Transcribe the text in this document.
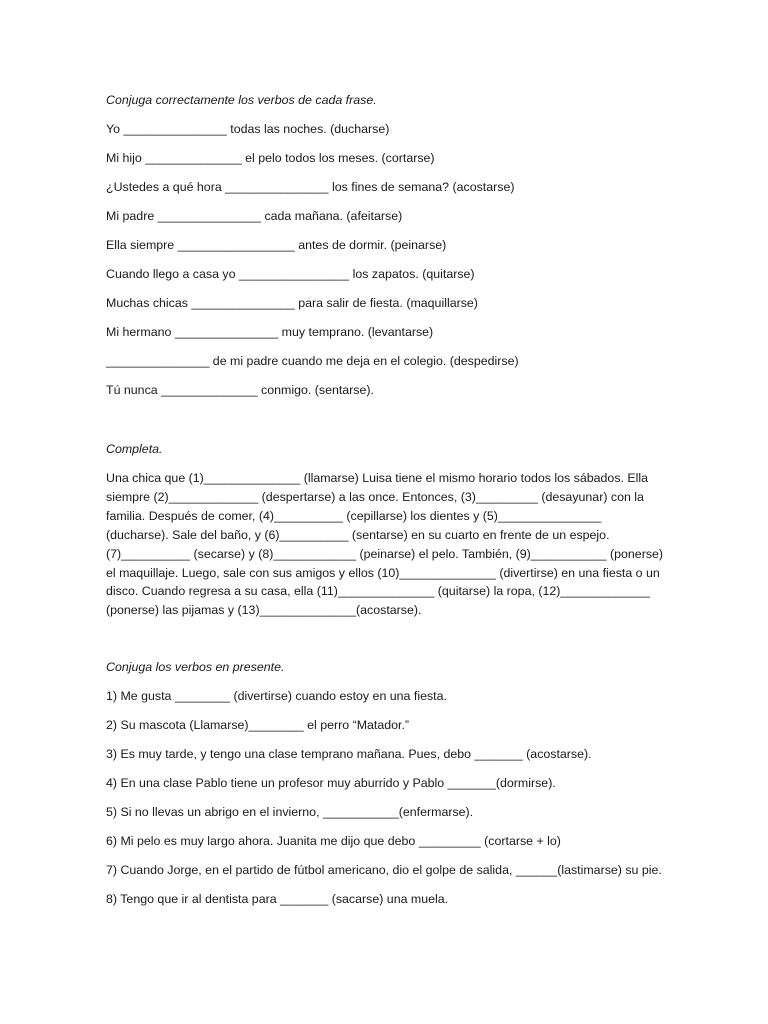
Conjuga correctamente los verbos de cada frase.

Yo _______________ todas las noches. (ducharse)

Mi hijo ______________ el pelo todos los meses. (cortarse)

¿Ustedes a qué hora _______________ los fines de semana? (acostarse)

Mi padre _______________ cada mañana. (afeitarse)

Ella siempre _________________ antes de dormir. (peinarse)

Cuando llego a casa yo ________________ los zapatos. (quitarse)

Muchas chicas _______________ para salir de fiesta. (maquillarse)

Mi hermano _______________ muy temprano. (levantarse)

_______________ de mi padre cuando me deja en el colegio. (despedirse)

Tú nunca ______________ conmigo. (sentarse).

Completa.

Una chica que (1)______________ (llamarse) Luisa tiene el mismo horario todos los sábados. Ella siempre (2)_____________ (despertarse) a las once. Entonces, (3)_________ (desayunar) con la familia. Después de comer, (4)__________ (cepillarse) los dientes y (5)_______________ (ducharse). Sale del baño, y (6)__________ (sentarse) en su cuarto en frente de un espejo. (7)__________ (secarse) y (8)____________ (peinarse) el pelo. También, (9)___________ (ponerse) el maquillaje. Luego, sale con sus amigos y ellos (10)______________ (divertirse) en una fiesta o un disco. Cuando regresa a su casa, ella (11)______________ (quitarse) la ropa, (12)_____________ (ponerse) las pijamas y (13)______________(acostarse).

Conjuga los verbos en presente.

1) Me gusta ________ (divertirse) cuando estoy en una fiesta.

2) Su mascota (Llamarse)________ el perro “Matador.”

3) Es muy tarde, y tengo una clase temprano mañana. Pues, debo _______ (acostarse).

4) En una clase Pablo tiene un profesor muy aburrido y Pablo _______(dormirse).

5) Si no llevas un abrigo en el invierno, ___________(enfermarse).

6) Mi pelo es muy largo ahora. Juanita me dijo que debo _________ (cortarse + lo)

7) Cuando Jorge, en el partido de fútbol americano, dio el golpe de salida, ______(lastimarse) su pie.

8) Tengo que ir al dentista para _______ (sacarse) una muela.
